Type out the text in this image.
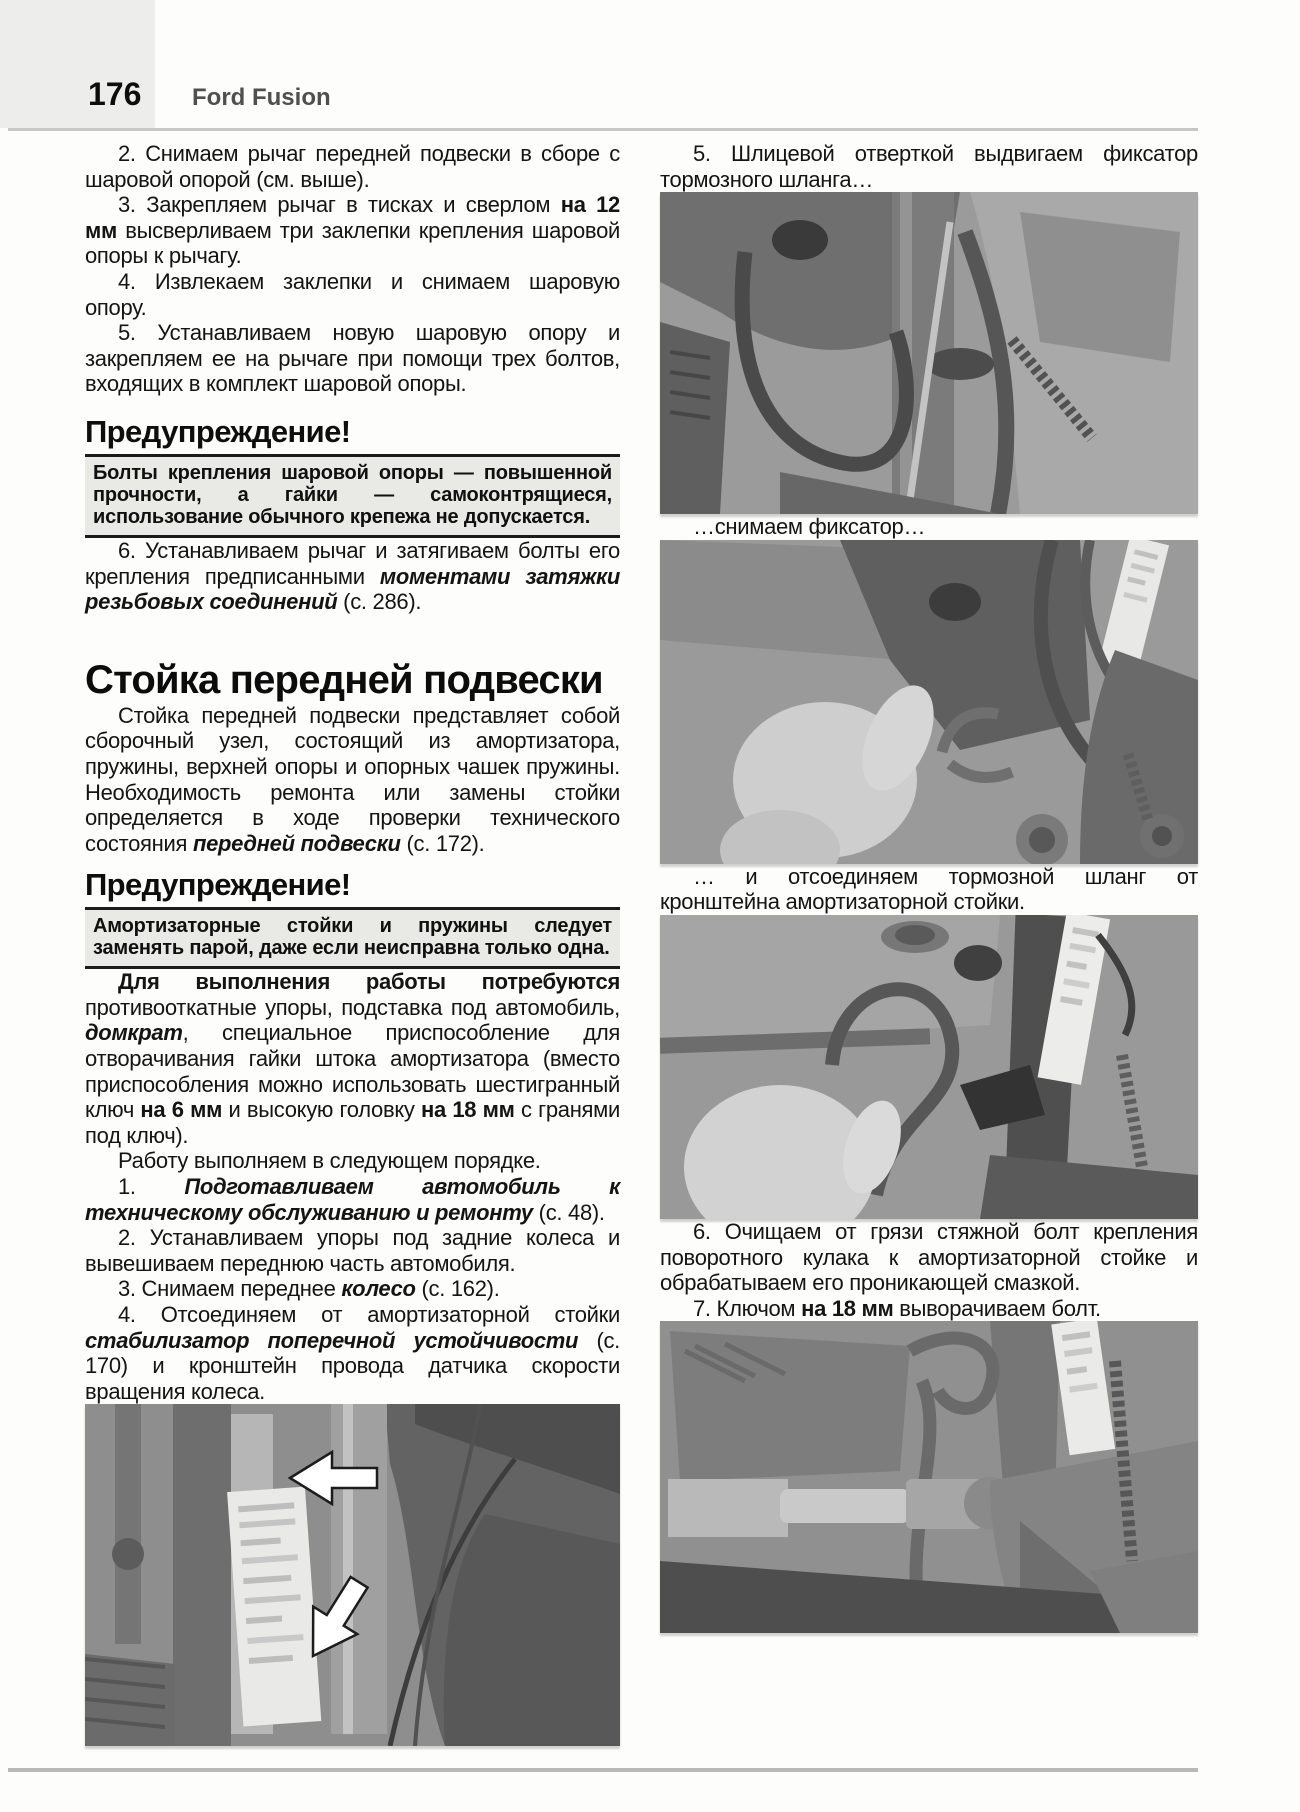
176 Ford Fusion

2. Снимаем рычаг передней подвески в сборе с шаровой опорой (см. выше).

3. Закрепляем рычаг в тисках и сверлом на 12 мм высверливаем три заклепки крепления шаровой опоры к рычагу.

4. Извлекаем заклепки и снимаем шаровую опору.

5. Устанавливаем новую шаровую опору и закрепляем ее на рычаге при помощи трех болтов, входящих в комплект шаровой опоры.

Предупреждение!

Болты крепления шаровой опоры — повышенной прочности, а гайки — самоконтрящиеся, использование обычного крепежа не допускается.

6. Устанавливаем рычаг и затягиваем болты его крепления предписанными моментами затяжки резьбовых соединений (с. 286).

Стойка передней подвески

Стойка передней подвески представляет собой сборочный узел, состоящий из амортизатора, пружины, верхней опоры и опорных чашек пружины. Необходимость ремонта или замены стойки определяется в ходе проверки технического состояния передней подвески (с. 172).

Предупреждение!

Амортизаторные стойки и пружины следует заменять парой, даже если неисправна только одна.

Для выполнения работы потребуются противооткатные упоры, подставка под автомобиль, домкрат, специальное приспособление для отворачивания гайки штока амортизатора (вместо приспособления можно использовать шестигранный ключ на 6 мм и высокую головку на 18 мм с гранями под ключ).

Работу выполняем в следующем порядке.

1. Подготавливаем автомобиль к техническому обслуживанию и ремонту (с. 48).

2. Устанавливаем упоры под задние колеса и вывешиваем переднюю часть автомобиля.

3. Снимаем переднее колесо (с. 162).

4. Отсоединяем от амортизаторной стойки стабилизатор поперечной устойчивости (с. 170) и кронштейн провода датчика скорости вращения колеса.

5. Шлицевой отверткой выдвигаем фиксатор тормозного шланга…

…снимаем фиксатор…

… и отсоединяем тормозной шланг от кронштейна амортизаторной стойки.

6. Очищаем от грязи стяжной болт крепления поворотного кулака к амортизаторной стойке и обрабатываем его проникающей смазкой.

7. Ключом на 18 мм выворачиваем болт.
